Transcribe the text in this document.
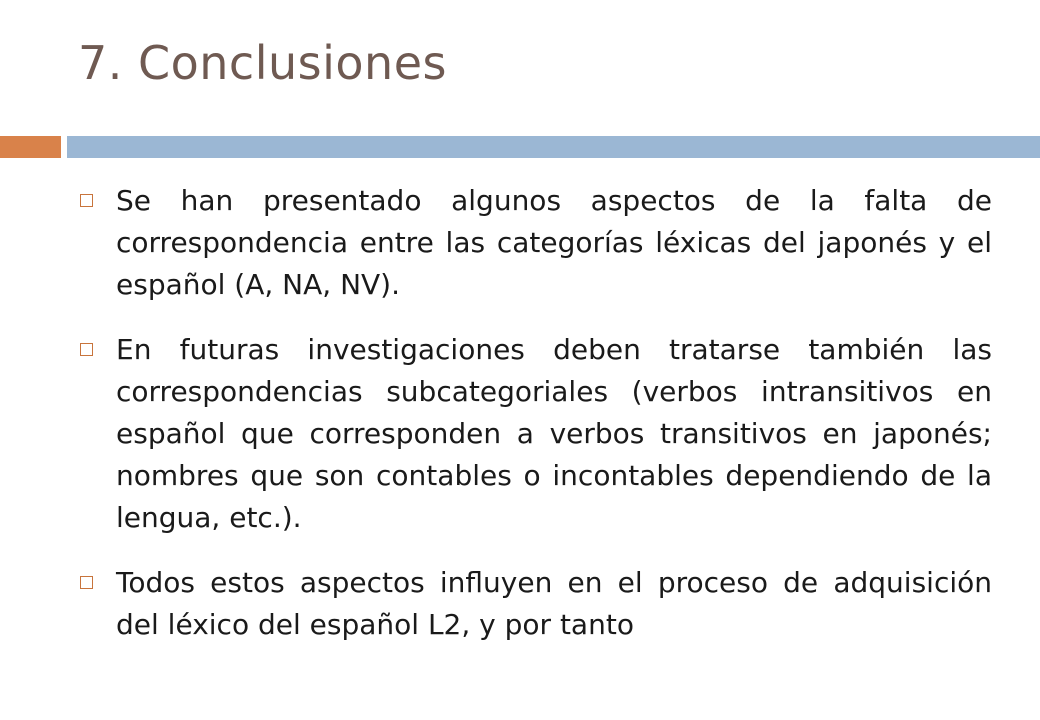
7. Conclusiones
Se han presentado algunos aspectos de la falta de correspondencia entre las categorías léxicas del japonés y el español (A, NA, NV).
En futuras investigaciones deben tratarse también las correspondencias subcategoriales (verbos intransitivos en español que corresponden a verbos transitivos en japonés; nombres que son contables o incontables dependiendo de la lengua, etc.).
Todos estos aspectos influyen en el proceso de adquisición del léxico del español L2, y por tanto
